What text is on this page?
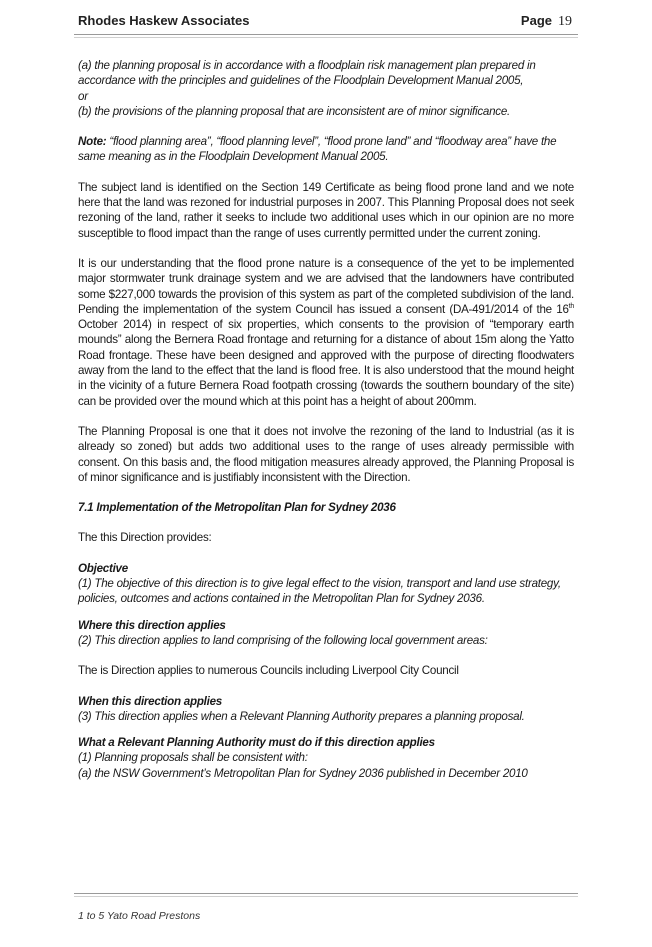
Rhodes Haskew Associates	Page 19

(a) the planning proposal is in accordance with a floodplain risk management plan prepared in accordance with the principles and guidelines of the Floodplain Development Manual 2005,

or

(b) the provisions of the planning proposal that are inconsistent are of minor significance.

Note: “flood planning area”, “flood planning level”, “flood prone land” and “floodway area” have the same meaning as in the Floodplain Development Manual 2005.

The subject land is identified on the Section 149 Certificate as being flood prone land and we note here that the land was rezoned for industrial purposes in 2007. This Planning Proposal does not seek rezoning of the land, rather it seeks to include two additional uses which in our opinion are no more susceptible to flood impact than the range of uses currently permitted under the current zoning.

It is our understanding that the flood prone nature is a consequence of the yet to be implemented major stormwater trunk drainage system and we are advised that the landowners have contributed some $227,000 towards the provision of this system as part of the completed subdivision of the land. Pending the implementation of the system Council has issued a consent (DA-491/2014 of the 16th October 2014) in respect of six properties, which consents to the provision of “temporary earth mounds” along the Bernera Road frontage and returning for a distance of about 15m along the Yatto Road frontage. These have been designed and approved with the purpose of directing floodwaters away from the land to the effect that the land is flood free. It is also understood that the mound height in the vicinity of a future Bernera Road footpath crossing (towards the southern boundary of the site) can be provided over the mound which at this point has a height of about 200mm.

The Planning Proposal is one that it does not involve the rezoning of the land to Industrial (as it is already so zoned) but adds two additional uses to the range of uses already permissible with consent. On this basis and, the flood mitigation measures already approved, the Planning Proposal is of minor significance and is justifiably inconsistent with the Direction.

7.1 Implementation of the Metropolitan Plan for Sydney 2036

The this Direction provides:

Objective

(1) The objective of this direction is to give legal effect to the vision, transport and land use strategy, policies, outcomes and actions contained in the Metropolitan Plan for Sydney 2036.

Where this direction applies

(2) This direction applies to land comprising of the following local government areas:

The is Direction applies to numerous Councils including Liverpool City Council

When this direction applies

(3) This direction applies when a Relevant Planning Authority prepares a planning proposal.

What a Relevant Planning Authority must do if this direction applies

(1) Planning proposals shall be consistent with:

(a) the NSW Government’s Metropolitan Plan for Sydney 2036 published in December 2010

1 to 5 Yato Road Prestons
